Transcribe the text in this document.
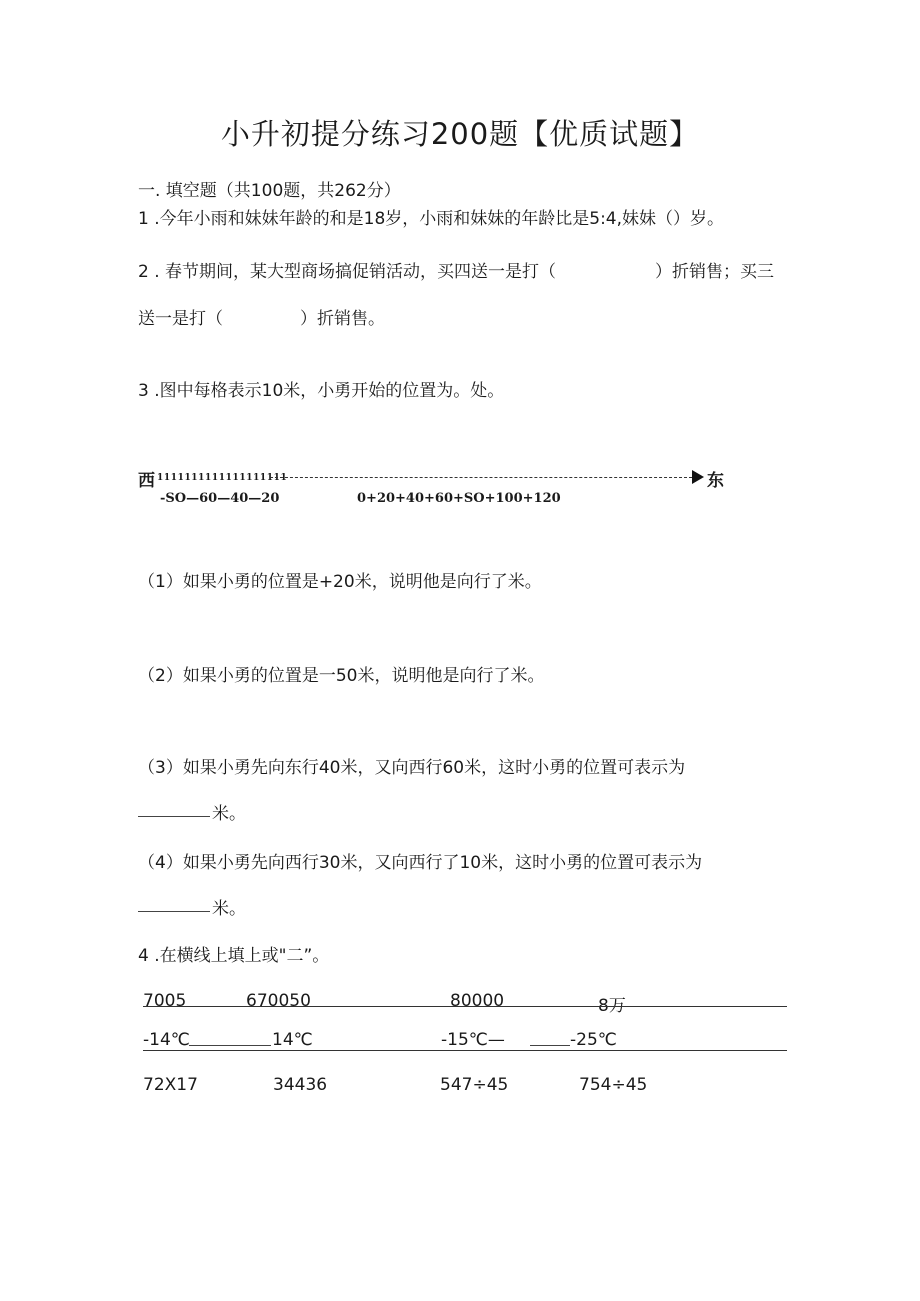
小升初提分练习200题【优质试题】
一. 填空题（共100题，共262分）
1 .今年小雨和妹妹年龄的和是18岁，小雨和妹妹的年龄比是5:4,妹妹（）岁。
2 . 春节期间，某大型商场搞促销活动，买四送一是打（	）折销售；买三
送一是打（	）折销售。
3 .图中每格表示10米，小勇开始的位置为。处。
西 1111111111111111111	东
-SO—60—40—20	0+20+40+60+SO+100+120
（1）如果小勇的位置是+20米，说明他是向行了米。
（2）如果小勇的位置是一50米，说明他是向行了米。
（3）如果小勇先向东行40米，又向西行60米，这时小勇的位置可表示为
米。
（4）如果小勇先向西行30米，又向西行了10米，这时小勇的位置可表示为
米。
4 .在横线上填上或"二”。
7005	670050	80000	8万
-14℃	14℃	-15℃—	-25℃
72X17	34436	547÷45	754÷45
